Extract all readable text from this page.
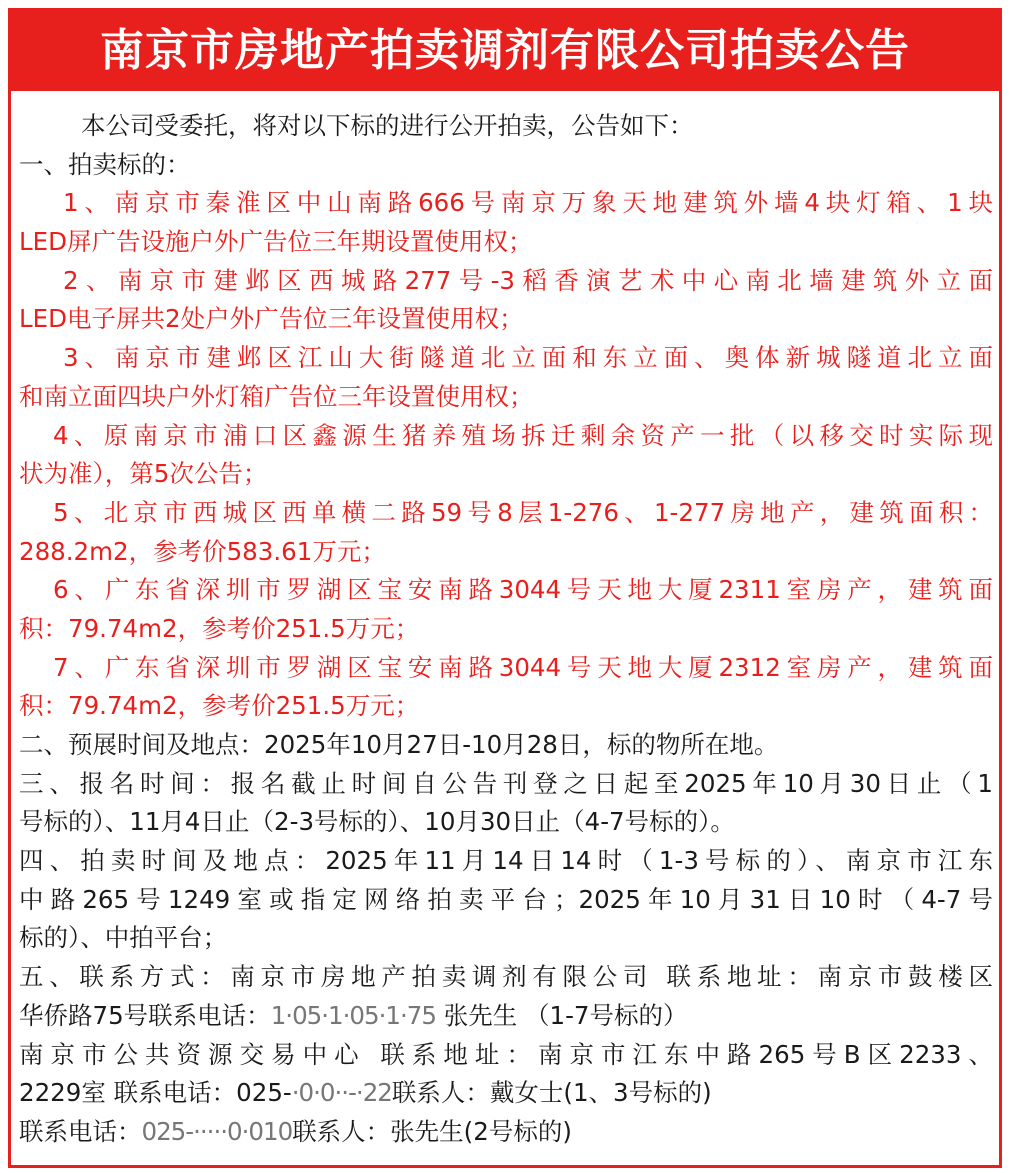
南京市房地产拍卖调剂有限公司拍卖公告
本公司受委托，将对以下标的进行公开拍卖，公告如下：
一、拍卖标的：
1、南京市秦淮区中山南路666号南京万象天地建筑外墙4块灯箱、1块
LED屏广告设施户外广告位三年期设置使用权；
2、南京市建邺区西城路277号-3稻香演艺术中心南北墙建筑外立面
LED电子屏共2处户外广告位三年设置使用权；
3、南京市建邺区江山大街隧道北立面和东立面、奥体新城隧道北立面
和南立面四块户外灯箱广告位三年设置使用权；
4、原南京市浦口区鑫源生猪养殖场拆迁剩余资产一批（以移交时实际现
状为准），第5次公告；
5、北京市西城区西单横二路59号8层1-276、1-277房地产，建筑面积：
288.2m2，参考价583.61万元；
6、广东省深圳市罗湖区宝安南路3044号天地大厦2311室房产，建筑面
积：79.74m2，参考价251.5万元；
7、广东省深圳市罗湖区宝安南路3044号天地大厦2312室房产，建筑面
积：79.74m2，参考价251.5万元；
二、预展时间及地点：2025年10月27日-10月28日，标的物所在地。
三、报名时间：报名截止时间自公告刊登之日起至2025年10月30日止（1
号标的）、11月4日止（2-3号标的）、10月30日止（4-7号标的）。
四、拍卖时间及地点：2025年11月14日14时（1-3号标的）、南京市江东
中路265号1249室或指定网络拍卖平台；2025年10月31日10时（4-7号
标的）、中拍平台；
五、联系方式：南京市房地产拍卖调剂有限公司 联系地址：南京市鼓楼区
华侨路75号联系电话：1·05·1·05·1·75 张先生 （1-7号标的）
南京市公共资源交易中心 联系地址：南京市江东中路265号B区2233、
2229室 联系电话：025-·0·0··-·22联系人：戴女士(1、3号标的)
联系电话：025-·····0·010联系人：张先生(2号标的)
